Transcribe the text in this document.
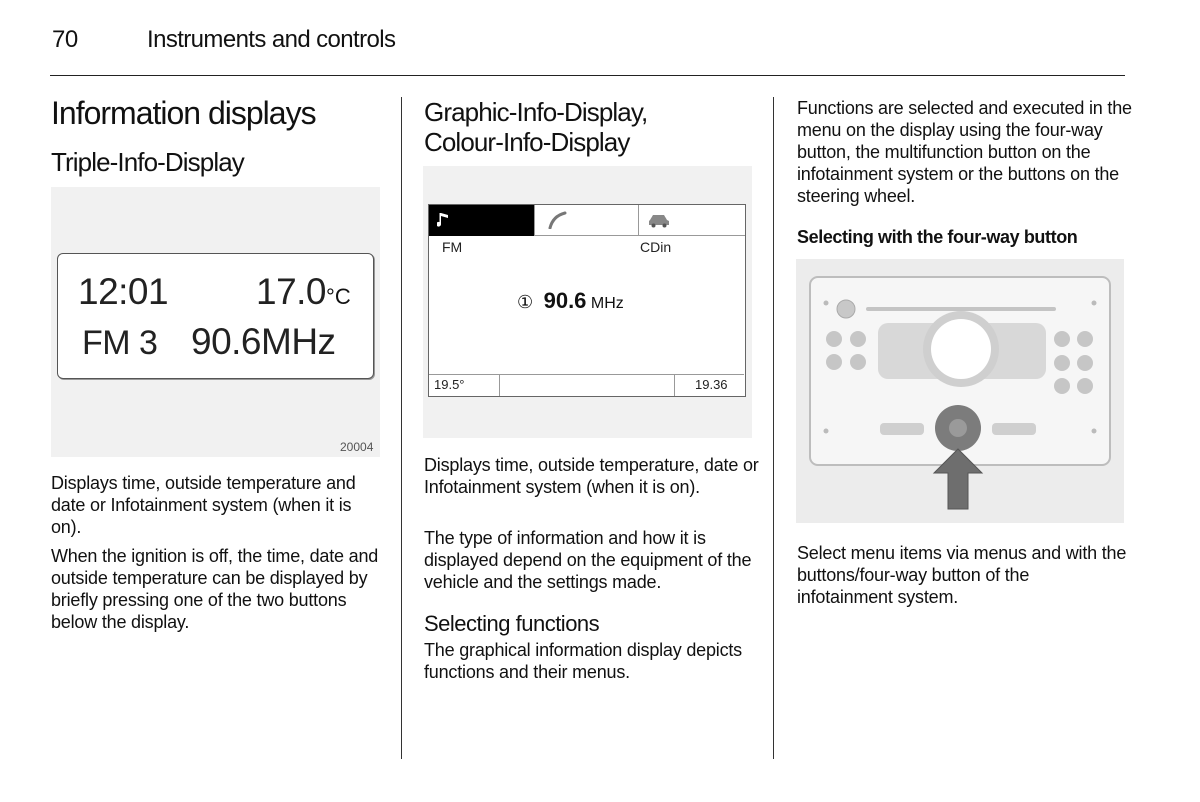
70	Instruments and controls
Information displays
Triple-Info-Display
12:01 17.0°C
FM 3 90.6MHz
20004
Displays time, outside temperature and date or Infotainment system (when it is on).
When the ignition is off, the time, date and outside temperature can be displayed by briefly pressing one of the two buttons below the display.
Graphic-Info-Display, Colour-Info-Display
FM	CDin
① 90.6 MHz
19.5°	19.36
Displays time, outside temperature, date or Infotainment system (when it is on).
The type of information and how it is displayed depend on the equipment of the vehicle and the settings made.
Selecting functions
The graphical information display depicts functions and their menus.
Functions are selected and executed in the menu on the display using the four-way button, the multifunction button on the infotainment system or the buttons on the steering wheel.
Selecting with the four-way button
Select menu items via menus and with the buttons/four-way button of the infotainment system.
